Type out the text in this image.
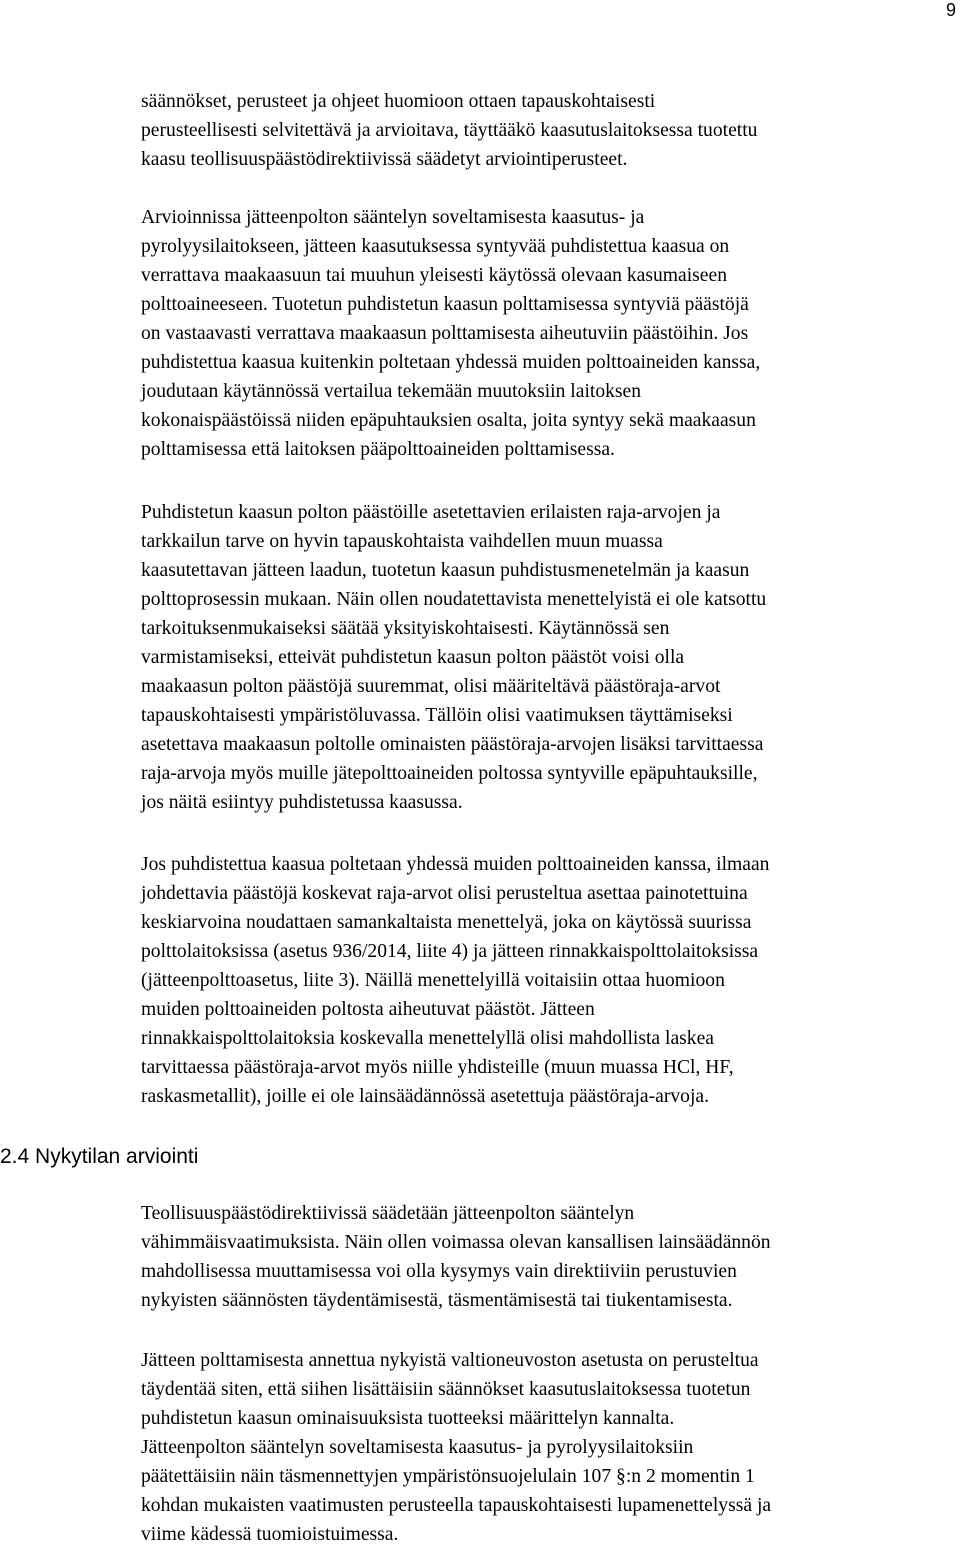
9
säännökset, perusteet ja ohjeet huomioon ottaen tapauskohtaisesti
perusteellisesti selvitettävä ja arvioitava, täyttääkö kaasutuslaitoksessa tuotettu
kaasu teollisuuspäästödirektiivissä säädetyt arviointiperusteet.
Arvioinnissa jätteenpolton sääntelyn soveltamisesta kaasutus- ja
pyrolyysilaitokseen, jätteen kaasutuksessa syntyvää puhdistettua kaasua on
verrattava maakaasuun tai muuhun yleisesti käytössä olevaan kasumaiseen
polttoaineeseen. Tuotetun puhdistetun kaasun polttamisessa syntyviä päästöjä
on vastaavasti verrattava maakaasun polttamisesta aiheutuviin päästöihin. Jos
puhdistettua kaasua kuitenkin poltetaan yhdessä muiden polttoaineiden kanssa,
joudutaan käytännössä vertailua tekemään muutoksiin laitoksen
kokonaispäästöissä niiden epäpuhtauksien osalta, joita syntyy sekä maakaasun
polttamisessa että laitoksen pääpolttoaineiden polttamisessa.
Puhdistetun kaasun polton päästöille asetettavien erilaisten raja-arvojen ja
tarkkailun tarve on hyvin tapauskohtaista vaihdellen muun muassa
kaasutettavan jätteen laadun, tuotetun kaasun puhdistusmenetelmän ja kaasun
polttoprosessin mukaan. Näin ollen noudatettavista menettelyistä ei ole katsottu
tarkoituksenmukaiseksi säätää yksityiskohtaisesti. Käytännössä sen
varmistamiseksi, etteivät puhdistetun kaasun polton päästöt voisi olla
maakaasun polton päästöjä suuremmat, olisi määriteltävä päästöraja-arvot
tapauskohtaisesti ympäristöluvassa. Tällöin olisi vaatimuksen täyttämiseksi
asetettava maakaasun poltolle ominaisten päästöraja-arvojen lisäksi tarvittaessa
raja-arvoja myös muille jätepolttoaineiden poltossa syntyville epäpuhtauksille,
jos näitä esiintyy puhdistetussa kaasussa.
Jos puhdistettua kaasua poltetaan yhdessä muiden polttoaineiden kanssa, ilmaan
johdettavia päästöjä koskevat raja-arvot olisi perusteltua asettaa painotettuina
keskiarvoina noudattaen samankaltaista menettelyä, joka on käytössä suurissa
polttolaitoksissa (asetus 936/2014, liite 4) ja jätteen rinnakkaispolttolaitoksissa
(jätteenpolttoasetus, liite 3). Näillä menettelyillä voitaisiin ottaa huomioon
muiden polttoaineiden poltosta aiheutuvat päästöt. Jätteen
rinnakkaispolttolaitoksia koskevalla menettelyllä olisi mahdollista laskea
tarvittaessa päästöraja-arvot myös niille yhdisteille (muun muassa HCl, HF,
raskasmetallit), joille ei ole lainsäädännössä asetettuja päästöraja-arvoja.
2.4 Nykytilan arviointi
Teollisuuspäästödirektiivissä säädetään jätteenpolton sääntelyn
vähimmäisvaatimuksista. Näin ollen voimassa olevan kansallisen lainsäädännön
mahdollisessa muuttamisessa voi olla kysymys vain direktiiviin perustuvien
nykyisten säännösten täydentämisestä, täsmentämisestä tai tiukentamisesta.
Jätteen polttamisesta annettua nykyistä valtioneuvoston asetusta on perusteltua
täydentää siten, että siihen lisättäisiin säännökset kaasutuslaitoksessa tuotetun
puhdistetun kaasun ominaisuuksista tuotteeksi määrittelyn kannalta.
Jätteenpolton sääntelyn soveltamisesta kaasutus- ja pyrolyysilaitoksiin
päätettäisiin näin täsmennettyjen ympäristönsuojelulain 107 §:n 2 momentin 1
kohdan mukaisten vaatimusten perusteella tapauskohtaisesti lupamenettelyssä ja
viime kädessä tuomioistuimessa.
